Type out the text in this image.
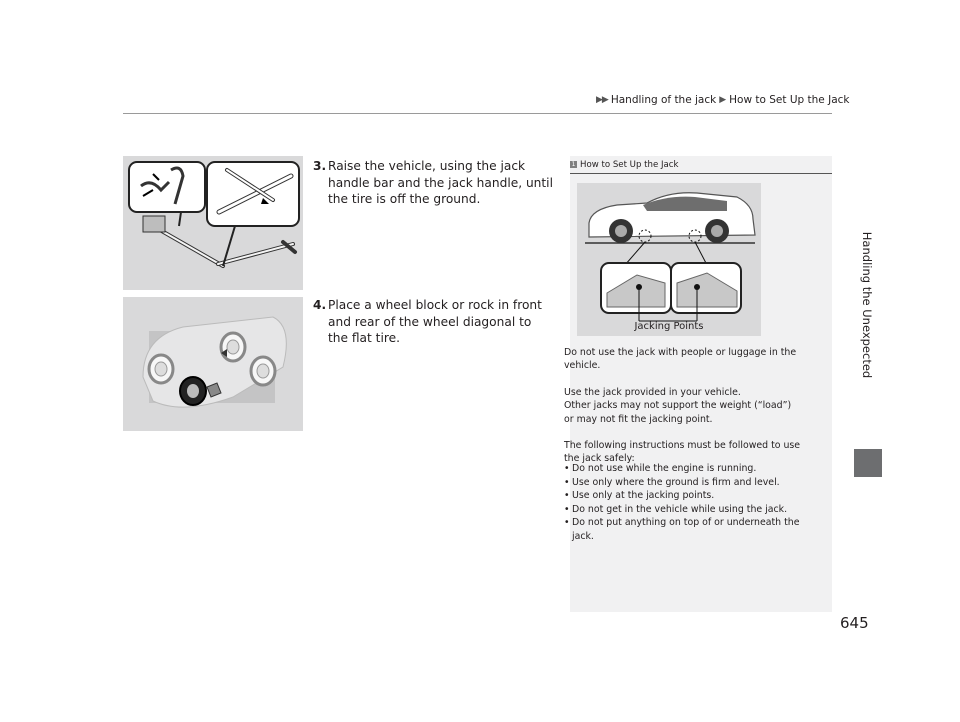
▶▶ Handling of the jack ▶ How to Set Up the Jack
Handling the Unexpected
3. Raise the vehicle, using the jack handle bar and the jack handle, until the tire is off the ground.
4. Place a wheel block or rock in front and rear of the wheel diagonal to the flat tire.
1 How to Set Up the Jack
Jacking Points
Do not use the jack with people or luggage in the vehicle.
Use the jack provided in your vehicle.
Other jacks may not support the weight (“load”) or may not fit the jacking point.
The following instructions must be followed to use the jack safely:
• Do not use while the engine is running.
• Use only where the ground is firm and level.
• Use only at the jacking points.
• Do not get in the vehicle while using the jack.
• Do not put anything on top of or underneath the jack.
645
